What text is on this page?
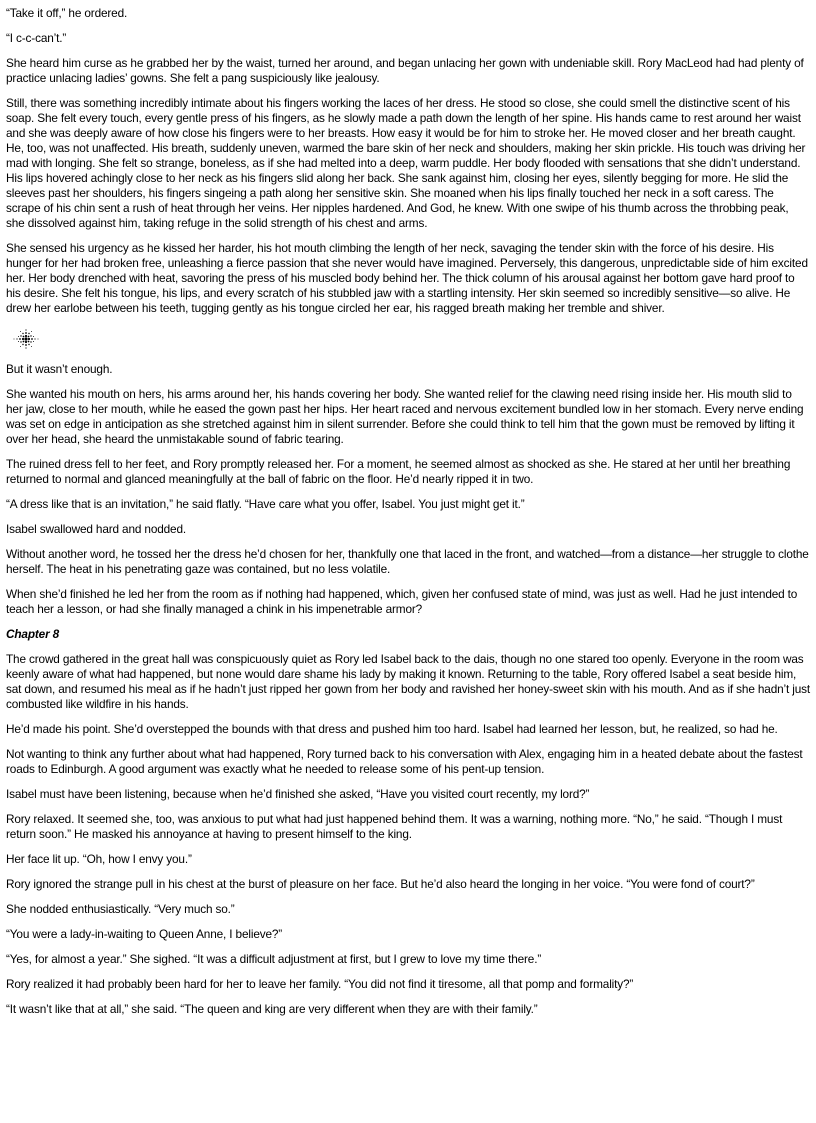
“Take it off,” he ordered.

“I c-c-can’t.”

She heard him curse as he grabbed her by the waist, turned her around, and began unlacing her gown with undeniable skill. Rory MacLeod had had plenty of practice unlacing ladies’ gowns. She felt a pang suspiciously like jealousy.

Still, there was something incredibly intimate about his fingers working the laces of her dress. He stood so close, she could smell the distinctive scent of his soap. She felt every touch, every gentle press of his fingers, as he slowly made a path down the length of her spine. His hands came to rest around her waist and she was deeply aware of how close his fingers were to her breasts. How easy it would be for him to stroke her. He moved closer and her breath caught. He, too, was not unaffected. His breath, suddenly uneven, warmed the bare skin of her neck and shoulders, making her skin prickle. His touch was driving her mad with longing. She felt so strange, boneless, as if she had melted into a deep, warm puddle. Her body flooded with sensations that she didn’t understand. His lips hovered achingly close to her neck as his fingers slid along her back. She sank against him, closing her eyes, silently begging for more. He slid the sleeves past her shoulders, his fingers singeing a path along her sensitive skin. She moaned when his lips finally touched her neck in a soft caress. The scrape of his chin sent a rush of heat through her veins. Her nipples hardened. And God, he knew. With one swipe of his thumb across the throbbing peak, she dissolved against him, taking refuge in the solid strength of his chest and arms.

She sensed his urgency as he kissed her harder, his hot mouth climbing the length of her neck, savaging the tender skin with the force of his desire. His hunger for her had broken free, unleashing a fierce passion that she never would have imagined. Perversely, this dangerous, unpredictable side of him excited her. Her body drenched with heat, savoring the press of his muscled body behind her. The thick column of his arousal against her bottom gave hard proof to his desire. She felt his tongue, his lips, and every scratch of his stubbled jaw with a startling intensity. Her skin seemed so incredibly sensitive—so alive. He drew her earlobe between his teeth, tugging gently as his tongue circled her ear, his ragged breath making her tremble and shiver.

But it wasn’t enough.

She wanted his mouth on hers, his arms around her, his hands covering her body. She wanted relief for the clawing need rising inside her. His mouth slid to her jaw, close to her mouth, while he eased the gown past her hips. Her heart raced and nervous excitement bundled low in her stomach. Every nerve ending was set on edge in anticipation as she stretched against him in silent surrender. Before she could think to tell him that the gown must be removed by lifting it over her head, she heard the unmistakable sound of fabric tearing.

The ruined dress fell to her feet, and Rory promptly released her. For a moment, he seemed almost as shocked as she. He stared at her until her breathing returned to normal and glanced meaningfully at the ball of fabric on the floor. He’d nearly ripped it in two.

“A dress like that is an invitation,” he said flatly. “Have care what you offer, Isabel. You just might get it.”

Isabel swallowed hard and nodded.

Without another word, he tossed her the dress he’d chosen for her, thankfully one that laced in the front, and watched—from a distance—her struggle to clothe herself. The heat in his penetrating gaze was contained, but no less volatile.

When she’d finished he led her from the room as if nothing had happened, which, given her confused state of mind, was just as well. Had he just intended to teach her a lesson, or had she finally managed a chink in his impenetrable armor?

Chapter 8

The crowd gathered in the great hall was conspicuously quiet as Rory led Isabel back to the dais, though no one stared too openly. Everyone in the room was keenly aware of what had happened, but none would dare shame his lady by making it known. Returning to the table, Rory offered Isabel a seat beside him, sat down, and resumed his meal as if he hadn’t just ripped her gown from her body and ravished her honey-sweet skin with his mouth. And as if she hadn’t just combusted like wildfire in his hands.

He’d made his point. She’d overstepped the bounds with that dress and pushed him too hard. Isabel had learned her lesson, but, he realized, so had he.

Not wanting to think any further about what had happened, Rory turned back to his conversation with Alex, engaging him in a heated debate about the fastest roads to Edinburgh. A good argument was exactly what he needed to release some of his pent-up tension.

Isabel must have been listening, because when he’d finished she asked, “Have you visited court recently, my lord?”

Rory relaxed. It seemed she, too, was anxious to put what had just happened behind them. It was a warning, nothing more. “No,” he said. “Though I must return soon.” He masked his annoyance at having to present himself to the king.

Her face lit up. “Oh, how I envy you.”

Rory ignored the strange pull in his chest at the burst of pleasure on her face. But he’d also heard the longing in her voice. “You were fond of court?”

She nodded enthusiastically. “Very much so.”

“You were a lady-in-waiting to Queen Anne, I believe?”

“Yes, for almost a year.” She sighed. “It was a difficult adjustment at first, but I grew to love my time there.”

Rory realized it had probably been hard for her to leave her family. “You did not find it tiresome, all that pomp and formality?”

“It wasn’t like that at all,” she said. “The queen and king are very different when they are with their family.”
